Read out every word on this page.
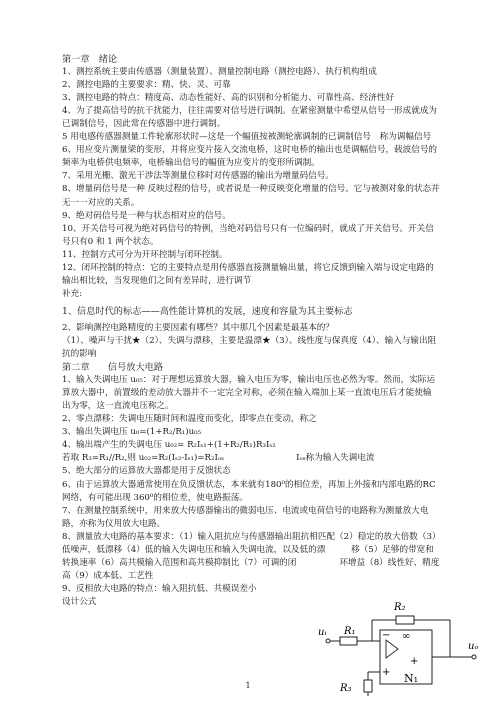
第一章　绪论

1、测控系统主要由传感器（测量装置）、测量控制电路（测控电路）、执行机构组成

2、测控电路的主要要求：精、快、灵、可靠

3、测控电路的特点：精度高、动态性能好、高的识别和分析能力、可靠性高、经济性好

4、为了提高信号的抗干扰能力，往往需要对信号进行调制。在紧密测量中希望从信号一形成就成为已调制信号，因此常在传感器中进行调制。

5 用电感传感器测量工件轮廓形状时—这是一个幅值按被测轮廓调制的已调制信号　称为调幅信号

6、用应变片测量梁的变形，并将应变片接入交流电桥，这时电桥的输出也是调幅信号，载波信号的频率为电桥供电频率，电桥输出信号的幅值为应变片的变形所调制。

7、采用光栅、激光干涉法等测量位移时对传感器的输出为增量码信号。

8、增量码信号是一种 反映过程的信号，或者说是一种反映变化增量的信号。它与被测对象的状态并无一一对应的关系。

9、绝对码信号是一种与状态相对应的信号。

10、开关信号可视为绝对码信号的特例，当绝对码信号只有一位编码时，就成了开关信号。开关信号只有0 和 1 两个状态。

11、控制方式可分为开环控制与闭环控制。

12、闭环控制的特点：它的主要特点是用传感器直接测量输出量，将它反馈到输入端与设定电路的输出相比较，当发现他们之间有差异时，进行调节

补充:

1、信息时代的标志——高性能计算机的发展，速度和容量为其主要标志

2、影响测控电路精度的主要因素有哪些？其中那几个因素是最基本的？

（1）、噪声与干扰★（2）、失调与漂移，主要是温漂★（3）、线性度与保真度（4）、输入与输出阻抗的影响

第二章　　信号放大电路

1、输入失调电压 u₀₅：对于理想运算放大器，输入电压为零，输出电压也必然为零。然而，实际运算放大器中，前置级的差动放大器并不一定完全对称，必须在输入端加上某一直流电压后才能使输出为零，这一直流电压称之。

2、零点漂移：失调电压随时间和温度而变化，即零点在变动，称之

3、输出失调电压 u₀=(1+R₂/R₁)u₀₅

4、输出端产生的失调电压 u₀₂= R₂Iₛ₁+(1+R₂/R₁)R₃Iₛ₂

若取 R₃=R₁//R₂,则 u₀₂=R₂(Iₛ₂-Iₛ₁)=R₂Iₒₛ	Iₒₛ称为输入失调电流

5、绝大部分的运算放大器都是用于反馈状态

6、由于运算放大器通常使用在负反馈状态，本来就有180⁰的相位差，再加上外接和内部电路的RC 网络，有可能出现 360⁰的相位差，使电路振荡。

7、在测量控制系统中，用来放大传感器输出的微弱电压、电流或电荷信号的电路称为测量放大电路，亦称为仪用放大电路。

8、测量放大电路的基本要求：（1）输入阻抗应与传感器输出阻抗相匹配（2）稳定的放大倍数（3）低噪声，低漂移（4）低的输入失调电压和输入失调电流，以及低的漂　　　移（5）足够的带宽和转换速率（6）高共模输入范围和高共模抑制比（7）可调的闭　　　　　环增益（8）线性好、精度高（9）成本低、工艺性

9、反相放大电路的特点：输入阻抗低、共模误差小

设计公式

uᵢ R₁
R₂
∞
−
+
+
N₁
uₒ
R₃
1
